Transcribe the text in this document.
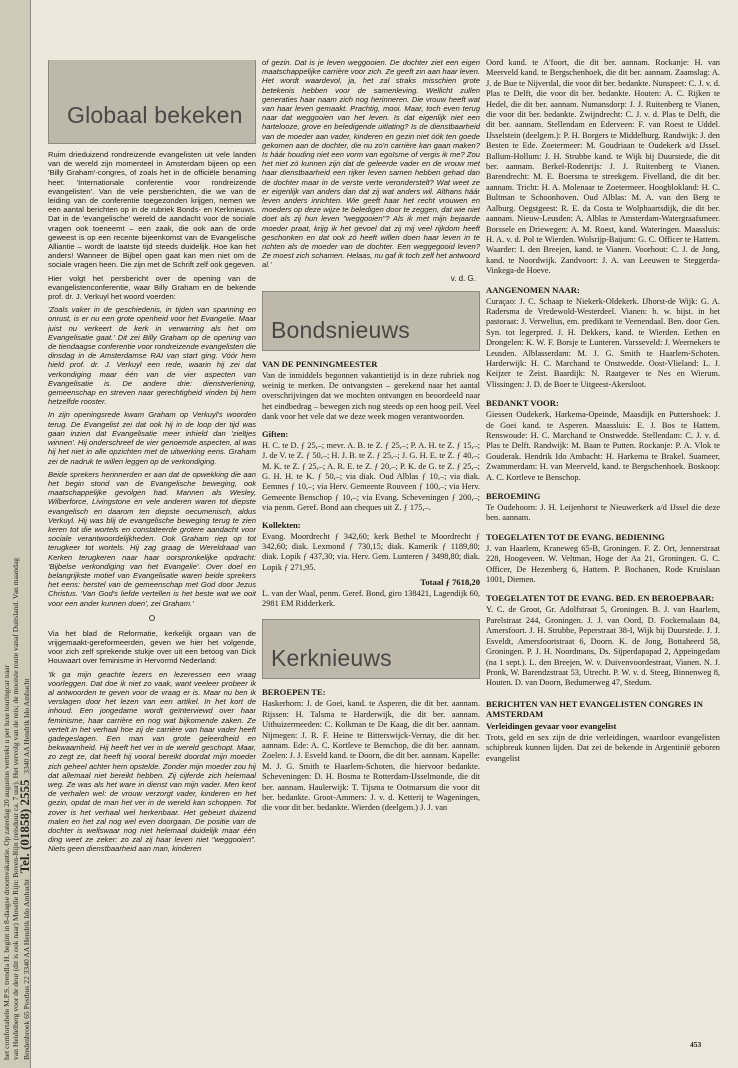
het comfortabele M.P.S. trendla H. begint in 8-daagse droomvakantie. Op zaterdag 20 augustus vertrekt u per luxe touringcar naar van Heidelberg voor de deur (dit is ook naar) Moselle Rijn: Boven-Rijn (reisduur ca. 7 uur). Het vervolg van de reis; de mooiste route vanaf Duitsland. Van maandag Bredenbroek 65 Postbus 22 3340 AA Hendrik Ido Ambacht   Tel. (01858) 2555   3340 AA Hendrik Ido Ambacht
Globaal bekeken

Ruim drieduizend rondreizende evangelisten uit vele landen van de wereld zijn momenteel in Amsterdam bijeen op een 'Billy Graham'-congres, of zoals het in de officiële benaming heet: 'Internationale conferentie voor rondreizende evangelisten'. Van de vele persberichten, die we van de leiding van de conferentie toegezonden krijgen, nemen we een aantal berichten op in de rubriek Bonds- en Kerknieuws. Dat in de 'evangelische' wereld de aandacht voor de sociale vragen ook toeneemt – een zaak, die ook aan de orde geweest is op een recente bijeenkomst van de Evangelische Alliantie – wordt de laatste tijd steeds duidelijk. Hoe kan het anders! Wanneer de Bijbel open gaat kan men niet om de sociale vragen heen. Die zijn met de Schrift zelf ook gegeven.

Hier volgt het persbericht over de opening van de evangelistenconferentie, waar Billy Graham en de bekende prof. dr. J. Verkuyl het woord voerden:

'Zoals vaker in de geschiedenis, in tijden van spanning en onrust, is er nu een grote openheid voor het Evangelie. Maar juist nu verkeert de kerk in verwarring als het om Evangelisatie gaat.' Dit zei Billy Graham op de opening van de tiendaagse conferentie voor rondreizende evangelisten die dinsdag in de Amsterdamse RAI van start ging. Vóór hem hield prof. dr. J. Verkuyl een rede, waarin hij zei dat verkondiging maar één van de vier aspecten van Evangelisatie is. De andere drie: dienstverlening, gemeenschap en streven naar gerechtigheid vinden bij hem hetzelfde rooster.

In zijn openingsrede kwam Graham op Verkuyl's woorden terug. De Evangelist zei dat ook hij in de loop der tijd was gaan inzien dat Evangelisatie meer inhield dan 'zieltjes winnen'. Hij onderschreef de vier genoemde aspecten, al was hij het niet in alle opzichten met de uitwerking eens. Graham zei de nadruk te willen leggen op de verkondiging.

Beide sprekers herinnerden er aan dat de opwekking die aan het begin stond van de Evangelische beweging, ook maatschappelijke gevolgen had. Mannen als Wesley, Wilberforce, Livingstone en vele anderen waren tot diepste evangelisch en daarom ten diepste oecumenisch, aldus Verkuyl. Hij was blij de evangelische beweging terug te zien keren tot die wortels en constateerde grotere aandacht voor sociale verantwoordelijkheden. Ook Graham riep op tot terugkeer tot wortels. Hij zag graag de Wereldraad van Kerken terugkeren naar haar oorspronkelijke opdracht: 'Bijbelse verkondiging van het Evangelie'. Over doel en belangrijkste motief van Evangelisatie waren beide sprekers het eens: herstel van de gemeenschap met God door Jezus Christus. 'Van God's liefde vertellen is het beste wat we ooit voor een ander kunnen doen', zei Graham.'

O

Via het blad de Reformatie, kerkelijk orgaan van de vrijgemaakt-gereformeerden, geven we hier het volgende, voor zich zelf sprekende stukje over uit een betoog van Dick Houwaart over feminisme in Hervormd Nederland:

'Ik ga mijn geachte lezers en lezeressen een vraag voorleggen. Dat doe ik niet zo vaak, want veeleer probeer ik al antwoorden te geven voor de vraag er is. Maar nu ben ik verslagen door het lezen van een artikel. In het kort de inhoud. Een jongedame wordt geïnterviewd over haar feminisme, haar carrière en nog wat bijkomende zaken. Ze vertelt in het verhaal hoe zij de carrière van haar vader heeft gadegeslagen. Een man van grote geleerdheid en bekwaamheid. Hij heeft het ver in de wereld geschopt. Maar, zo zegt ze, dat heeft hij vooral bereikt doordat mijn moeder zich geheel achter hem opstelde. Zonder mijn moeder zou hij dat allemaal niet bereikt hebben. Zij cijferde zich helemaal weg. Ze was als het ware in dienst van mijn vader. Men kent de verhalen wel: de vrouw verzorgt vader, kinderen en het gezin, opdat de man het ver in de wereld kan schoppen. Tot zover is het verhaal wel herkenbaar. Het gebeurt duizend malen en het zal nog wel even doorgaan. De positie van de dochter is wellswaar nog niet helemaal duidelijk maar één ding weet ze zeker: zo zal zij haar leven niet "weggooien". Niets geen dienstbaarheid aan man, kinderen

of gezin. Dat is je leven weggooien. De dochter ziet een eigen maatschappelijke carrière voor zich. Ze geeft zin aan haar leven. Het wordt waardevol, ja, het zal straks misschien grote betekenis hebben voor de samenleving. Wellicht zullen generaties haar naam zich nog herinneren. Die vrouw heeft wat van haar leven gemaakt. Prachtig, mooi. Maar, toch even terug naar dat weggooien van het leven. Is dat eigenlijk niet een hartelooze, grove en beledigende uitlating? Is de dienstbaarheid van de moeder aan vader, kinderen en gezin niet óók ten goede gekomen aan de dochter, die nu zo'n carrière kan gaan maken? Is háár houding niet een vorm van egoïsme of vergis ik me? Zou het niet zó kunnen zijn dat de geleerde vader en de vrouw met haar dienstbaarheid een rijker leven samen hebben gehad dan de dochter maar in de verste verte veronderstelt? Wat weet ze er eigenlijk van anders dan dat zij wat anders wil. Althans háár leven anders inrichten. Wie geeft haar het recht vrouwen en moeders op deze wijze te beledigen door te zeggen, dat wie niet doet als zij hun leven "weggooien"? Als ik met mijn bejaarde moeder praat, krijg ik het gevoel dat zij mij veel rijkdom heeft geschonken en dat ook zó heeft willen doen haar leven in te richten als de moeder van de dochter. Een weggegooid leven? Ze moest zich schamen. Helaas, nu gaf ik toch zelf het antwoord al.'

v. d. G.
Bondsnieuws
VAN DE PENNINGMEESTER

Van de inmiddels begonnen vakantietijd is in deze rubriek nog weinig te merken. De ontvangsten – gerekend naar het aantal overschrijvingen dat we mochten ontvangen en beoordeeld naar het eindbedrag – bewegen zich nog steeds op een hoog peil. Veel dank voor het vele dat we deze week mogen verantwoorden.

Giften:

H. C. te D. ƒ 25,–; mevr. A. B. te Z. ƒ 25,–; P. A. H. te Z. ƒ 15,–; J. de V. te Z. ƒ 50,–; H. J. B. te Z. ƒ 25,–; J. G. H. E. te Z. ƒ 40,–; M. K. te Z. ƒ 25,–; A. R. E. te Z. ƒ 20,–; P. K. de G. te Z. ƒ 25,–; G. H. H. te K. ƒ 50,–; via diak. Oud Alblas ƒ 10,–; via diak. Eemnes ƒ 10,–; via Herv. Gemeente Rouveen ƒ 100,–; via Herv. Gemeente Benschop ƒ 10,–; via Evang. Scheveningen ƒ 200,–; via penm. Geref. Bond aan cheques uit Z. ƒ 175,–.

Kollekten:

Evang. Moordrecht ƒ 342,60; kerk Bethel te Moordrecht ƒ 342,60; diak. Lexmond ƒ 730,15; diak. Kamerik ƒ 1189,80; diak. Lopik ƒ 437,30; via. Herv. Gem. Lunteren ƒ 3498,80; diak. Lopik ƒ 271,95.

Totaal ƒ 7618,20

L. van der Waal, penm. Geref. Bond, giro 138421, Lagendijk 60, 2981 EM Ridderkerk.

Kerknieuws
BEROEPEN TE:

Haskerhorn: J. de Goei, kand. te Asperen, die dit ber. aannam. Rijssen: H. Talsma te Harderwijk, die dit ber. aannam. Uithuizermeeden: C. Kolkman te De Kaag, die dit ber. aannam. Nijmegen: J. R. F. Heine te Bitterswijck-Vernay, die dit ber. aannam. Ede: A. C. Kortleve te Benschop, die dit ber. aannam. Zoelen: J. J. Esveld kand. te Doorn, die dit ber. aannam. Kapelle: M. J. G. Smith te Haarlem-Schoten, die hiervoor bedankte. Scheveningen: D. H. Bosma te Rotterdam-IJsselmonde, die dit ber. aannam. Haulerwijk: T. Tijsma te Ootmarsum die voor dit ber. bedankte. Groot-Ammers: J. v. d. Ketterij te Wageningen, die voor dit ber. bedankte. Wierden (deelgem.) J. J. van

Oord kand. te A'foort, die dit ber. aannam. Rockanje: H. van Meerveld kand. te Bergschenhoek, die dit ber. aannam. Zaamslag: A. J. de Bue te Nijverdal, die voor dit ber. bedankte. Nunspeet: C. J. v. d. Plas te Delft, die voor dit ber. bedankte. Houten: A. C. Rijken te Hedel, die dit ber. aannam. Numansdorp: J. J. Ruitenberg te Vianen, die voor dit ber. bedankte. Zwijndrecht: C. J. v. d. Plas te Delft, die dit ber. aannam. Stellendam en Ederveen: F. van Roest te Uddel. IJsselstein (deelgem.): P. H. Borgers te Middelburg. Randwijk: J. den Besten te Ede. Zoetermeer: M. Goudriaan te Oudekerk a/d IJssel. Ballum-Hollum: J. H. Strubbe kand. te Wijk bij Duurstede, die dit ber. aannam. Berkel-Rodenrijs: J. J. Ruitenberg te Vianen. Barendrecht: M. E. Boersma te streekgem. Fivelland, die dit ber. aannam. Tricht: H. A. Molenaar te Zoetermeer. Hoogblokland: H. C. Bultman te Schoonhoven. Oud Alblas: M. A. van den Berg te Aalburg. Oegstgeest: R. E. da Costa te Wolphaartsdijk, die dit ber. aannam. Nieuw-Leusden: A. Alblas te Amsterdam-Watergraafsmeer. Borssele en Driewegen: A. M. Roest, kand. Wateringen. Maassluis: H. A. v. d. Pol te Wierden. Wolsrijp-Baijum: G. C. Officer te Hattem. Waarder: I. den Breejen, kand. te Vianen. Voorhout: C. J. de Jong, kand. te Noordwijk. Zandvoort: J. A. van Leeuwen te Steggerda-Vinkega-de Hoeve.

AANGENOMEN NAAR:

Curaçao: J. C. Schaap te Niekerk-Oldekerk. IJhorst-de Wijk: G. A. Radersma de Vredewold-Westerdeel. Vianen: b. w. bijst. in het pastoraat: J. Verwelius, em. predikant te Veenendaal. Ben. door Gen. Syn. tot legerpred. J. H. Dekkers, kand. te Wierden. Eethen en Drongelen: K. W. F. Borsje te Lunteren. Varsseveld: J. Weernekers te Leusden. Alblasserdam: M. J. G. Smith te Haarlem-Schoten. Harderwijk: H. C. Marchand te Onstwedde. Oost-Vlieland: L. J. Keijzer te Zeist. Baardijk: N. Raatgever te Nes en Wierum. Vlissingen: J. D. de Boer te Uitgeest-Akersloot.

BEDANKT VOOR:

Giessen Oudekerk, Harkema-Opeinde, Maasdijk en Puttershoek: J. de Goei kand. te Asperen. Maassluis: E. J. Bos te Hattem. Renswoude: H. C. Marchand te Onstwedde. Stellendam: C. J. v. d. Plas te Delft. Randwijk: M. Baan te Putten. Rockanje: P. A. Vlok te Gouderak. Hendrik Ido Ambacht: H. Harkema te Brakel. Suameer, Zwammerdam: H. van Meerveld, kand. te Bergschenhoek. Boskoop: A. C. Kortleve te Benschop.

BEROEMING

Te Oudehoorn: J. H. Leijenhorst te Nieuwerkerk a/d IJssel die deze ben. aannam.

TOEGELATEN TOT DE EVANG. BEDIENING

J. van Haarlem, Kraneweg 65-B, Groningen. F. Z. Ort, Jennerstraat 228, Hoogeveen. W. Veltman, Hoge der Aa 21, Groningen. G. C. Officer, De Hezenberg 6, Hattem. P. Bochanen, Rode Kruislaan 1001, Diemen.

TOEGELATEN TOT DE EVANG. BED. EN BEROEPBAAR:

Y. C. de Groot, Gr. Adolfstraat 5, Groningen. B. J. van Haarlem, Parelstraat 244, Groningen. J. J. van Oord, D. Fockemalaan 84, Amersfoort. J. H. Strubbe, Peperstraat 38-I, Wijk bij Duurstede. J. J. Esveldt, Amersfoortstraat 6, Doorn. K. de Jong, Bottaheerd 58, Groningen. P. J. H. Noordmans, Ds. Sijperdapapad 2, Appeingedam (na 1 sept.). L. den Breejen, W. v. Duivenvoordestraat, Vianen. N. J. Pronk, W. Barendzstraat 53, Utrecht. P. W. v. d. Steeg, Binnenweg 8, Houten. D. van Doorn, Bedumerweg 47, Stedum.

BERICHTEN VAN HET EVANGELISTEN CONGRES IN AMSTERDAM
Verleidingen gevaar voor evangelist

Trots, geld en sex zijn de drie verleidingen, waardoor evangelisten schipbreuk kunnen lijden. Dat zei de bekende in Argentinië geboren evangelist

453
